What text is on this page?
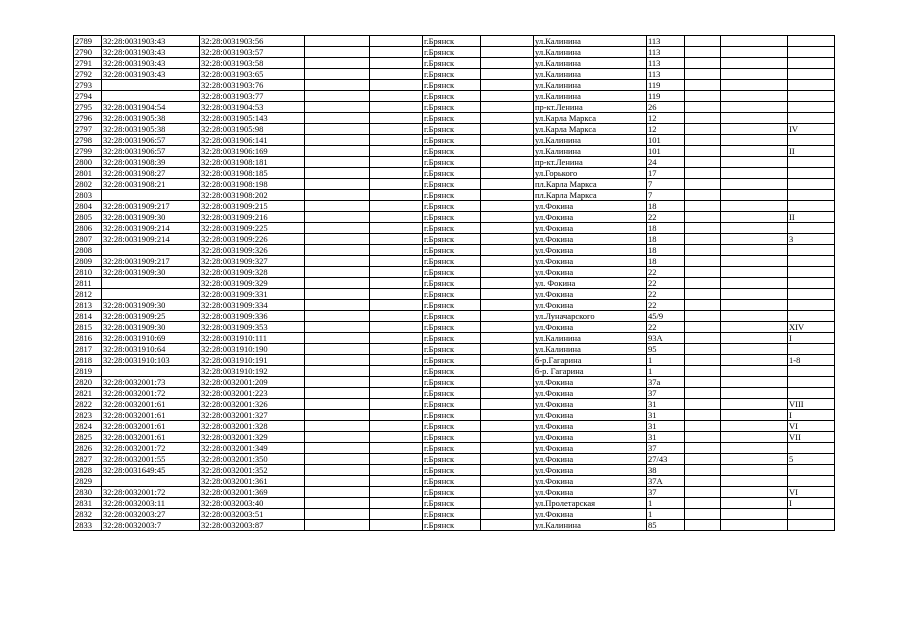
2789	32:28:0031903:43	32:28:0031903:56			г.Брянск		ул.Калинина	113			
2790	32:28:0031903:43	32:28:0031903:57			г.Брянск		ул.Калинина	113			
2791	32:28:0031903:43	32:28:0031903:58			г.Брянск		ул.Калинина	113			
2792	32:28:0031903:43	32:28:0031903:65			г.Брянск		ул.Калинина	113			
2793		32:28:0031903:76			г.Брянск		ул.Калинина	119			
2794		32:28:0031903:77			г.Брянск		ул.Калинина	119			
2795	32:28:0031904:54	32:28:0031904:53			г.Брянск		пр-кт.Ленина	26			
2796	32:28:0031905:38	32:28:0031905:143			г.Брянск		ул.Карла Маркса	12			
2797	32:28:0031905:38	32:28:0031905:98			г.Брянск		ул.Карла Маркса	12			IV
2798	32:28:0031906:57	32:28:0031906:141			г.Брянск		ул.Калинина	101			
2799	32:28:0031906:57	32:28:0031906:169			г.Брянск		ул.Калинина	101			II
2800	32:28:0031908:39	32:28:0031908:181			г.Брянск		пр-кт.Ленина	24			
2801	32:28:0031908:27	32:28:0031908:185			г.Брянск		ул.Горького	17			
2802	32:28:0031908:21	32:28:0031908:198			г.Брянск		пл.Карла Маркса	7			
2803		32:28:0031908:202			г.Брянск		пл.Карла Маркса	7			
2804	32:28:0031909:217	32:28:0031909:215			г.Брянск		ул.Фокина	18			
2805	32:28:0031909:30	32:28:0031909:216			г.Брянск		ул.Фокина	22			II
2806	32:28:0031909:214	32:28:0031909:225			г.Брянск		ул.Фокина	18			
2807	32:28:0031909:214	32:28:0031909:226			г.Брянск		ул.Фокина	18			3
2808		32:28:0031909:326			г.Брянск		ул.Фокина	18			
2809	32:28:0031909:217	32:28:0031909:327			г.Брянск		ул.Фокина	18			
2810	32:28:0031909:30	32:28:0031909:328			г.Брянск		ул.Фокина	22			
2811		32:28:0031909:329			г.Брянск		ул. Фокина	22			
2812		32:28:0031909:331			г.Брянск		ул.Фокина	22			
2813	32:28:0031909:30	32:28:0031909:334			г.Брянск		ул.Фокина	22			
2814	32:28:0031909:25	32:28:0031909:336			г.Брянск		ул.Луначарского	45/9			
2815	32:28:0031909:30	32:28:0031909:353			г.Брянск		ул.Фокина	22			XIV
2816	32:28:0031910:69	32:28:0031910:111			г.Брянск		ул.Калинина	93А			I
2817	32:28:0031910:64	32:28:0031910:190			г.Брянск		ул.Калинина	95			
2818	32:28:0031910:103	32:28:0031910:191			г.Брянск		б-р.Гагарина	1			1-8
2819		32:28:0031910:192			г.Брянск		б-р. Гагарина	1			
2820	32:28:0032001:73	32:28:0032001:209			г.Брянск		ул.Фокина	37а			
2821	32:28:0032001:72	32:28:0032001:223			г.Брянск		ул.Фокина	37			
2822	32:28:0032001:61	32:28:0032001:326			г.Брянск		ул.Фокина	31			VIII
2823	32:28:0032001:61	32:28:0032001:327			г.Брянск		ул.Фокина	31			I
2824	32:28:0032001:61	32:28:0032001:328			г.Брянск		ул.Фокина	31			VI
2825	32:28:0032001:61	32:28:0032001:329			г.Брянск		ул.Фокина	31			VII
2826	32:28:0032001:72	32:28:0032001:349			г.Брянск		ул.Фокина	37			
2827	32:28:0032001:55	32:28:0032001:350			г.Брянск		ул.Фокина	27/43			5
2828	32:28:0031649:45	32:28:0032001:352			г.Брянск		ул.Фокина	38			
2829		32:28:0032001:361			г.Брянск		ул.Фокина	37А			
2830	32:28:0032001:72	32:28:0032001:369			г.Брянск		ул.Фокина	37			VI
2831	32:28:0032003:11	32:28:0032003:40			г.Брянск		ул.Пролетарская	1			I
2832	32:28:0032003:27	32:28:0032003:51			г.Брянск		ул.Фокина	1			
2833	32:28:0032003:7	32:28:0032003:87			г.Брянск		ул.Калинина	85			
